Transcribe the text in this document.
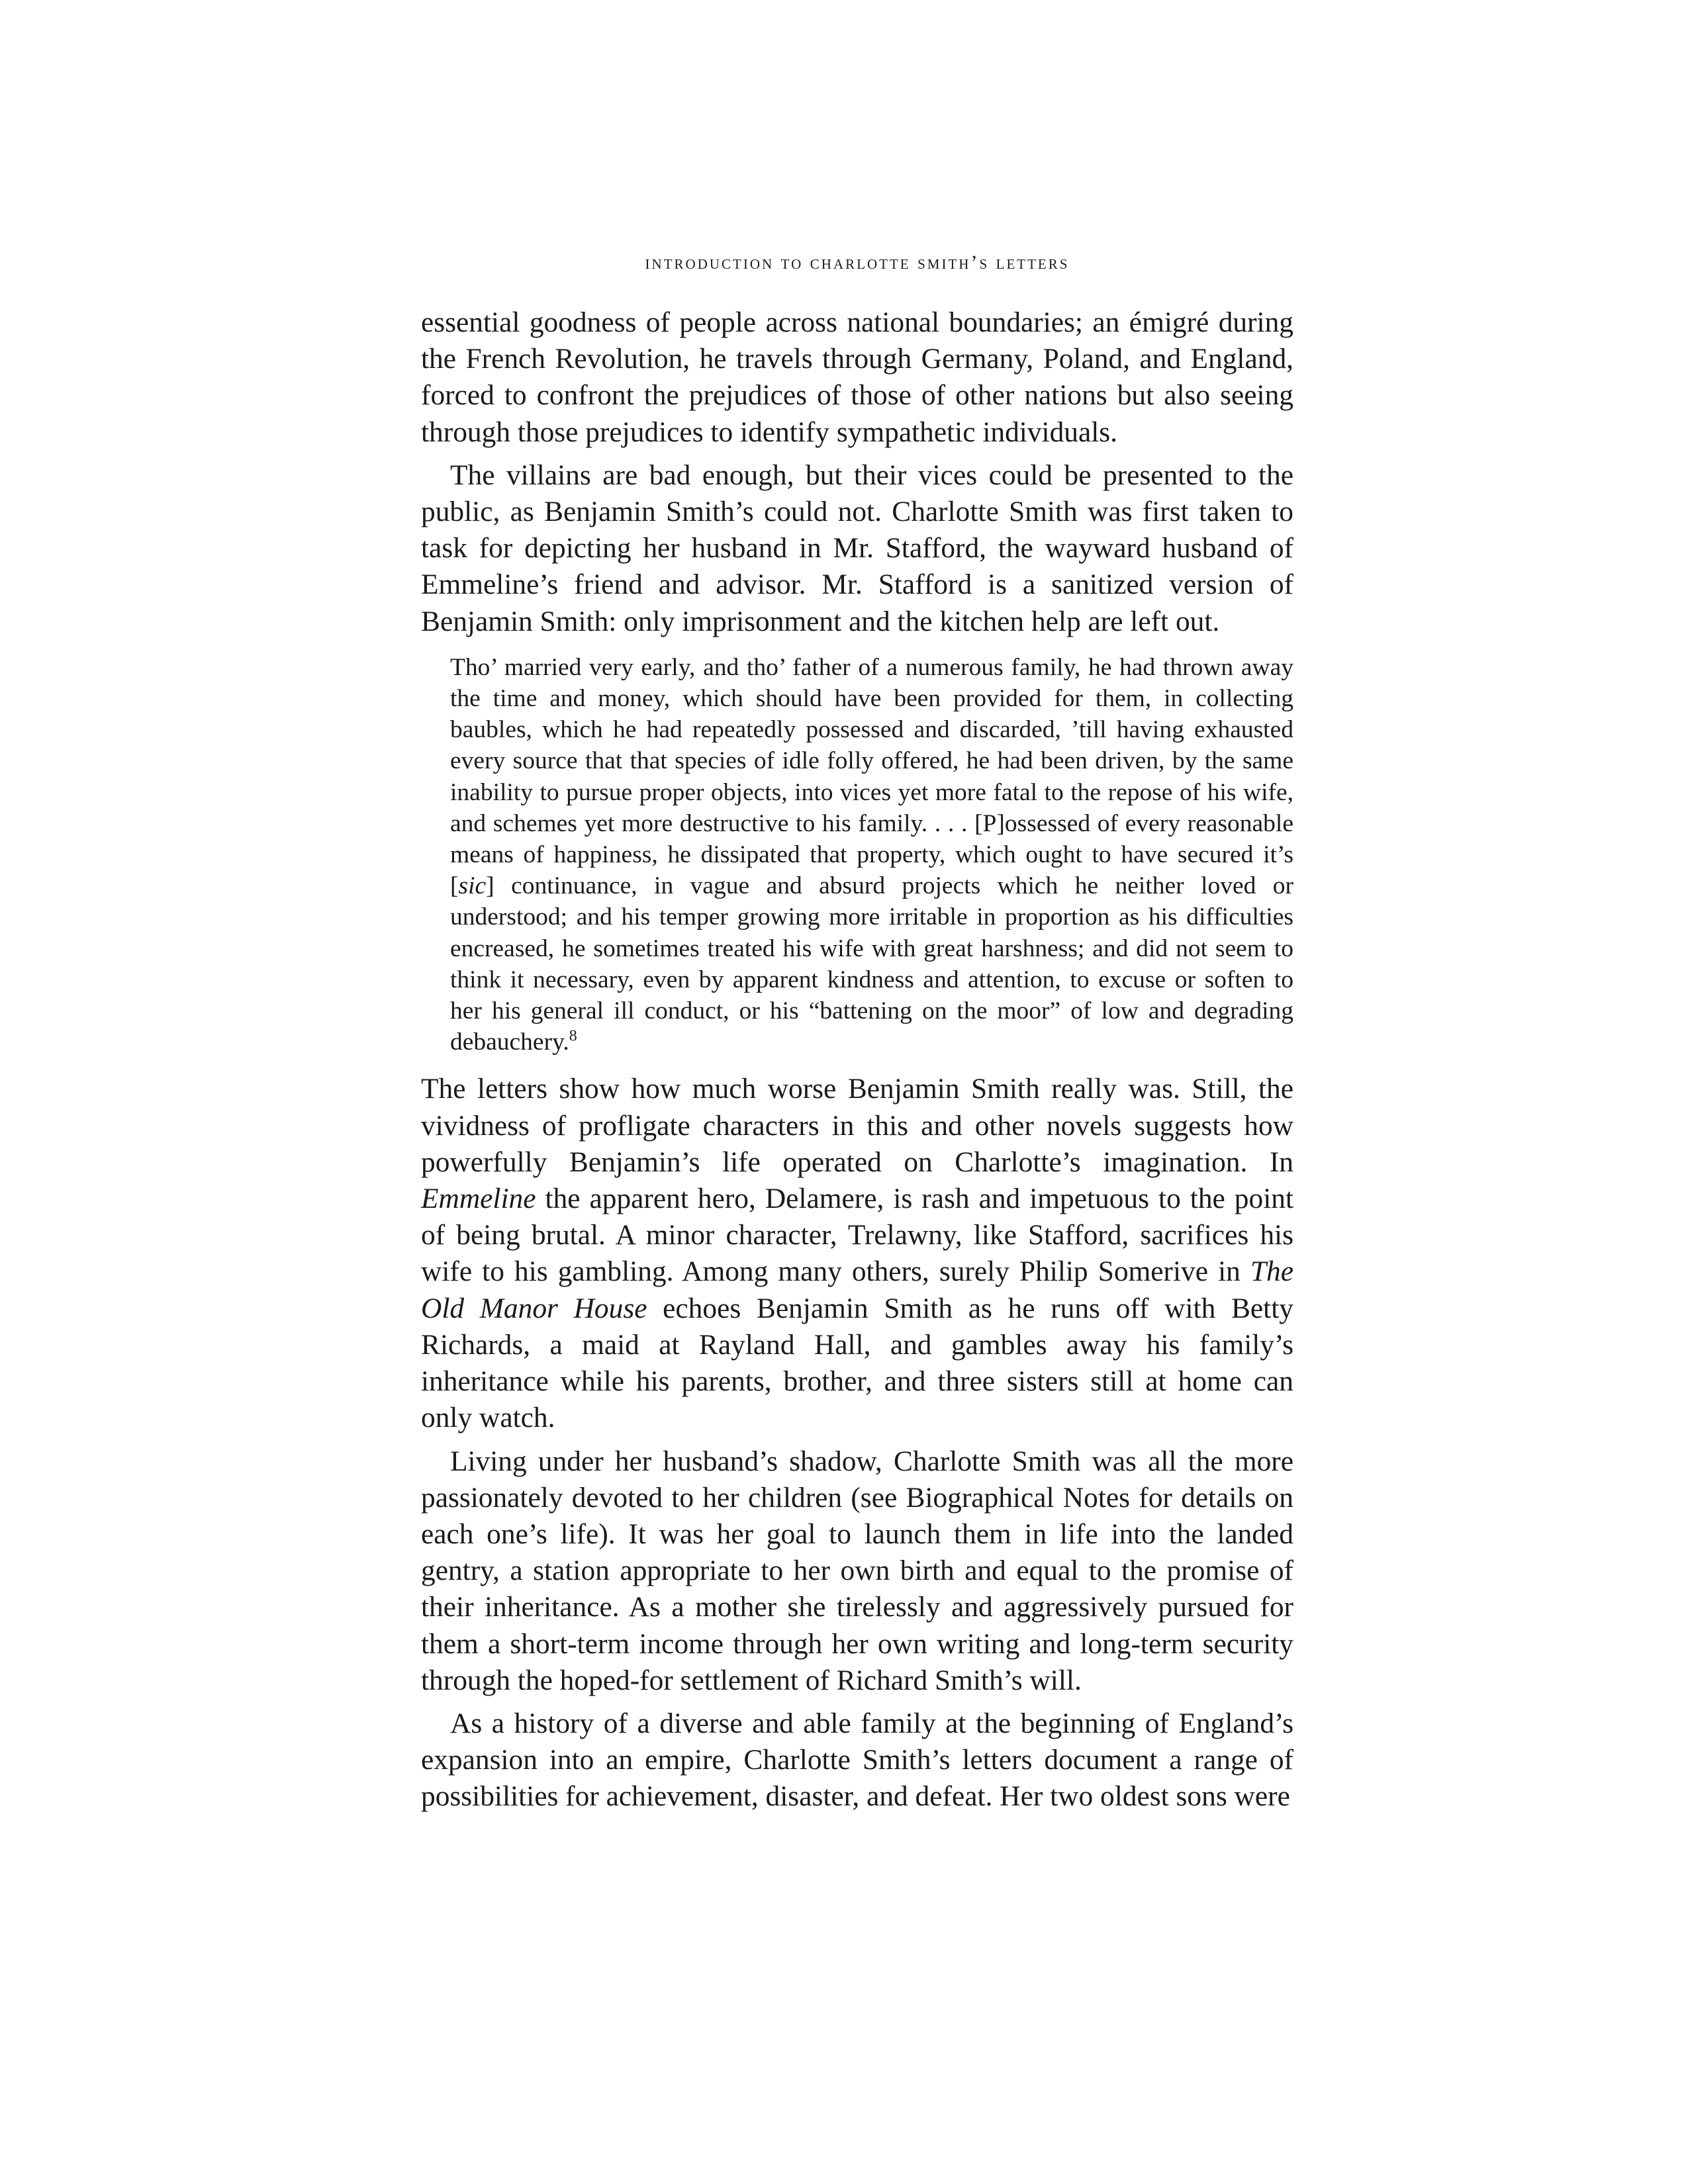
introduction to charlotte smith’s letters

essential goodness of people across national boundaries; an émigré during the French Revolution, he travels through Germany, Poland, and England, forced to confront the prejudices of those of other nations but also seeing through those prejudices to identify sympathetic individuals.

The villains are bad enough, but their vices could be presented to the public, as Benjamin Smith’s could not. Charlotte Smith was first taken to task for depicting her husband in Mr. Stafford, the wayward husband of Emmeline’s friend and advisor. Mr. Stafford is a sanitized version of Benjamin Smith: only imprisonment and the kitchen help are left out.

Tho’ married very early, and tho’ father of a numerous family, he had thrown away the time and money, which should have been provided for them, in collecting baubles, which he had repeatedly possessed and discarded, ’till having exhausted every source that that species of idle folly offered, he had been driven, by the same inability to pursue proper objects, into vices yet more fatal to the repose of his wife, and schemes yet more destructive to his family. . . . [P]ossessed of every reasonable means of happiness, he dissipated that property, which ought to have secured it’s [sic] continuance, in vague and absurd projects which he neither loved or understood; and his temper growing more irritable in proportion as his difficulties encreased, he sometimes treated his wife with great harshness; and did not seem to think it necessary, even by apparent kindness and attention, to excuse or soften to her his general ill conduct, or his “battening on the moor” of low and degrading debauchery.$^8$

The letters show how much worse Benjamin Smith really was. Still, the vividness of profligate characters in this and other novels suggests how powerfully Benjamin’s life operated on Charlotte’s imagination. In Emmeline the apparent hero, Delamere, is rash and impetuous to the point of being brutal. A minor character, Trelawny, like Stafford, sacrifices his wife to his gambling. Among many others, surely Philip Somerive in The Old Manor House echoes Benjamin Smith as he runs off with Betty Richards, a maid at Rayland Hall, and gambles away his family’s inheritance while his parents, brother, and three sisters still at home can only watch.

Living under her husband’s shadow, Charlotte Smith was all the more passionately devoted to her children (see Biographical Notes for details on each one’s life). It was her goal to launch them in life into the landed gentry, a station appropriate to her own birth and equal to the promise of their inheritance. As a mother she tirelessly and aggressively pursued for them a short-term income through her own writing and long-term security through the hoped-for settlement of Richard Smith’s will.

As a history of a diverse and able family at the beginning of England’s expansion into an empire, Charlotte Smith’s letters document a range of possibilities for achievement, disaster, and defeat. Her two oldest sons were
